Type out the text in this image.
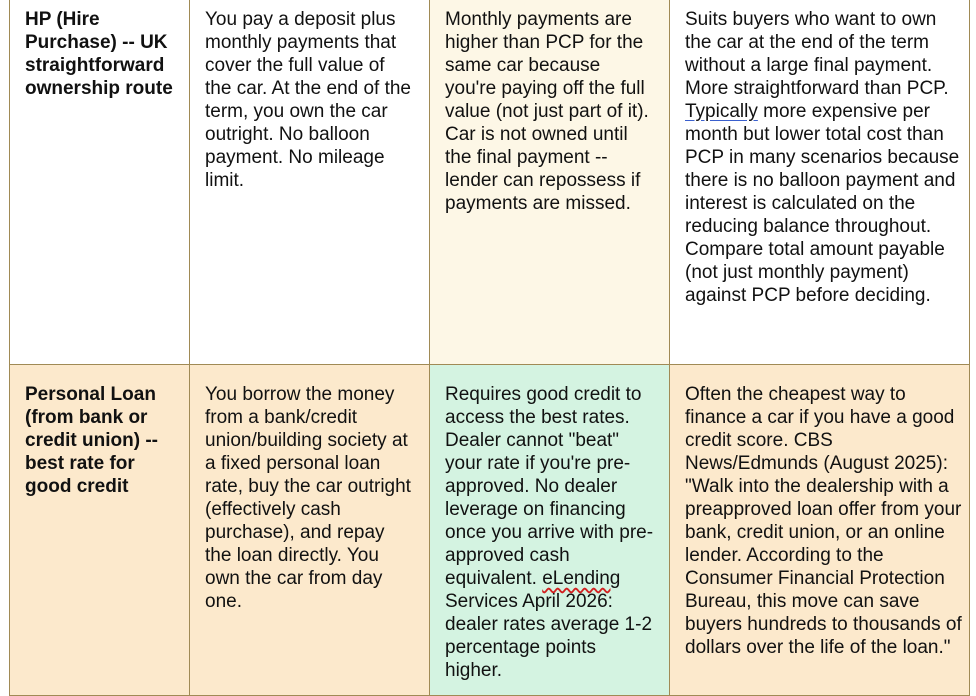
HP (Hire Purchase) -- UK straightforward ownership route
You pay a deposit plus monthly payments that cover the full value of the car. At the end of the term, you own the car outright. No balloon payment. No mileage limit.
Monthly payments are higher than PCP for the same car because you're paying off the full value (not just part of it). Car is not owned until the final payment -- lender can repossess if payments are missed.
Suits buyers who want to own the car at the end of the term without a large final payment. More straightforward than PCP. Typically more expensive per month but lower total cost than PCP in many scenarios because there is no balloon payment and interest is calculated on the reducing balance throughout. Compare total amount payable (not just monthly payment) against PCP before deciding.
Personal Loan (from bank or credit union) -- best rate for good credit
You borrow the money from a bank/credit union/building society at a fixed personal loan rate, buy the car outright (effectively cash purchase), and repay the loan directly. You own the car from day one.
Requires good credit to access the best rates. Dealer cannot "beat" your rate if you're pre-approved. No dealer leverage on financing once you arrive with pre-approved cash equivalent. eLending Services April 2026: dealer rates average 1-2 percentage points higher.
Often the cheapest way to finance a car if you have a good credit score. CBS News/Edmunds (August 2025): "Walk into the dealership with a preapproved loan offer from your bank, credit union, or an online lender. According to the Consumer Financial Protection Bureau, this move can save buyers hundreds to thousands of dollars over the life of the loan."
